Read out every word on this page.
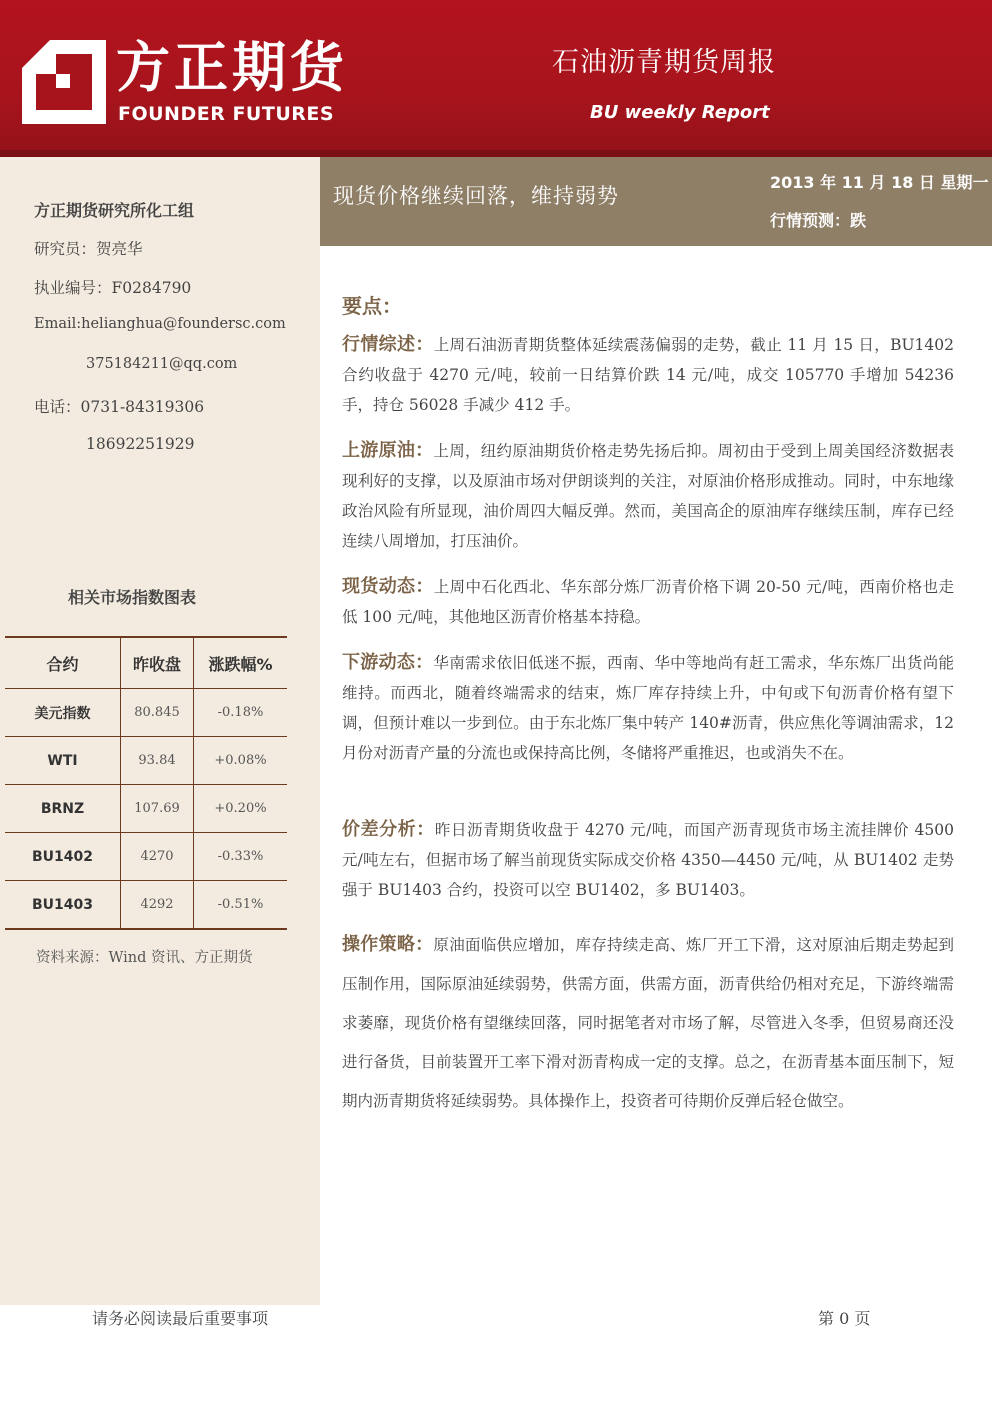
方正期货
FOUNDER FUTURES
石油沥青期货周报
BU weekly Report
方正期货研究所化工组
研究员：贺亮华
执业编号：F0284790
Email:helianghua@foundersc.com
375184211@qq.com
电话：0731-84319306
18692251929
相关市场指数图表
合约	昨收盘	涨跌幅%
美元指数	80.845	-0.18%
WTI	93.84	+0.08%
BRNZ	107.69	+0.20%
BU1402	4270	-0.33%
BU1403	4292	-0.51%
资料来源：Wind 资讯、方正期货
现货价格继续回落，维持弱势
2013 年 11 月 18 日 星期一
行情预测：跌
要点：
行情综述：上周石油沥青期货整体延续震荡偏弱的走势，截止 11 月 15 日，BU1402 合约收盘于 4270 元/吨，较前一日结算价跌 14 元/吨，成交 105770 手增加 54236 手，持仓 56028 手减少 412 手。
上游原油：上周，纽约原油期货价格走势先扬后抑。周初由于受到上周美国经济数据表现利好的支撑，以及原油市场对伊朗谈判的关注，对原油价格形成推动。同时，中东地缘政治风险有所显现，油价周四大幅反弹。然而，美国高企的原油库存继续压制，库存已经连续八周增加，打压油价。
现货动态：上周中石化西北、华东部分炼厂沥青价格下调 20-50 元/吨，西南价格也走低 100 元/吨，其他地区沥青价格基本持稳。
下游动态：华南需求依旧低迷不振，西南、华中等地尚有赶工需求，华东炼厂出货尚能维持。而西北，随着终端需求的结束，炼厂库存持续上升，中旬或下旬沥青价格有望下调，但预计难以一步到位。由于东北炼厂集中转产 140#沥青，供应焦化等调油需求，12 月份对沥青产量的分流也或保持高比例，冬储将严重推迟，也或消失不在。
价差分析：昨日沥青期货收盘于 4270 元/吨，而国产沥青现货市场主流挂牌价 4500 元/吨左右，但据市场了解当前现货实际成交价格 4350—4450 元/吨，从 BU1402 走势强于 BU1403 合约，投资可以空 BU1402，多 BU1403。
操作策略：原油面临供应增加，库存持续走高、炼厂开工下滑，这对原油后期走势起到压制作用，国际原油延续弱势，供需方面，供需方面，沥青供给仍相对充足，下游终端需求萎靡，现货价格有望继续回落，同时据笔者对市场了解，尽管进入冬季，但贸易商还没进行备货，目前装置开工率下滑对沥青构成一定的支撑。总之，在沥青基本面压制下，短期内沥青期货将延续弱势。具体操作上，投资者可待期价反弹后轻仓做空。
请务必阅读最后重要事项	第 0 页
